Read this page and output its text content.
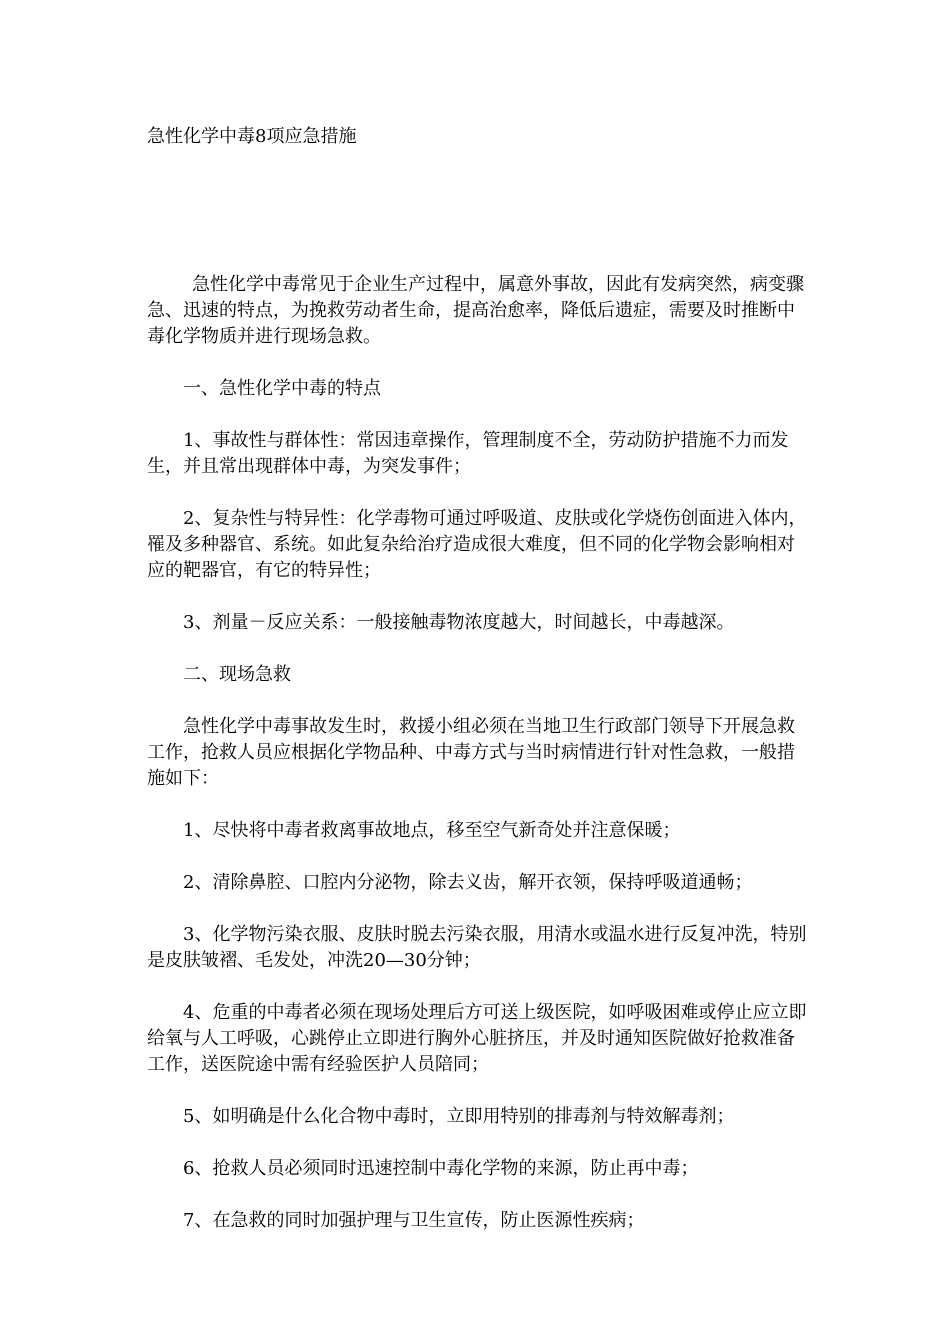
急性化学中毒8项应急措施

急性化学中毒常见于企业生产过程中，属意外事故，因此有发病突然，病变骤急、迅速的特点，为挽救劳动者生命，提高治愈率，降低后遗症，需要及时推断中毒化学物质并进行现场急救。

一、急性化学中毒的特点

1、事故性与群体性：常因违章操作，管理制度不全，劳动防护措施不力而发生，并且常出现群体中毒，为突发事件；

2、复杂性与特异性：化学毒物可通过呼吸道、皮肤或化学烧伤创面进入体内，罹及多种器官、系统。如此复杂给治疗造成很大难度，但不同的化学物会影响相对应的靶器官，有它的特异性；

3、剂量－反应关系：一般接触毒物浓度越大，时间越长，中毒越深。

二、现场急救

急性化学中毒事故发生时，救援小组必须在当地卫生行政部门领导下开展急救工作，抢救人员应根据化学物品种、中毒方式与当时病情进行针对性急救，一般措施如下：

1、尽快将中毒者救离事故地点，移至空气新奇处并注意保暖；

2、清除鼻腔、口腔内分泌物，除去义齿，解开衣领，保持呼吸道通畅；

3、化学物污染衣服、皮肤时脱去污染衣服，用清水或温水进行反复冲洗，特别是皮肤皱褶、毛发处，冲洗20—30分钟；

4、危重的中毒者必须在现场处理后方可送上级医院，如呼吸困难或停止应立即给氧与人工呼吸，心跳停止立即进行胸外心脏挤压，并及时通知医院做好抢救准备工作，送医院途中需有经验医护人员陪同；

5、如明确是什么化合物中毒时，立即用特别的排毒剂与特效解毒剂；

6、抢救人员必须同时迅速控制中毒化学物的来源，防止再中毒；

7、在急救的同时加强护理与卫生宣传，防止医源性疾病；
